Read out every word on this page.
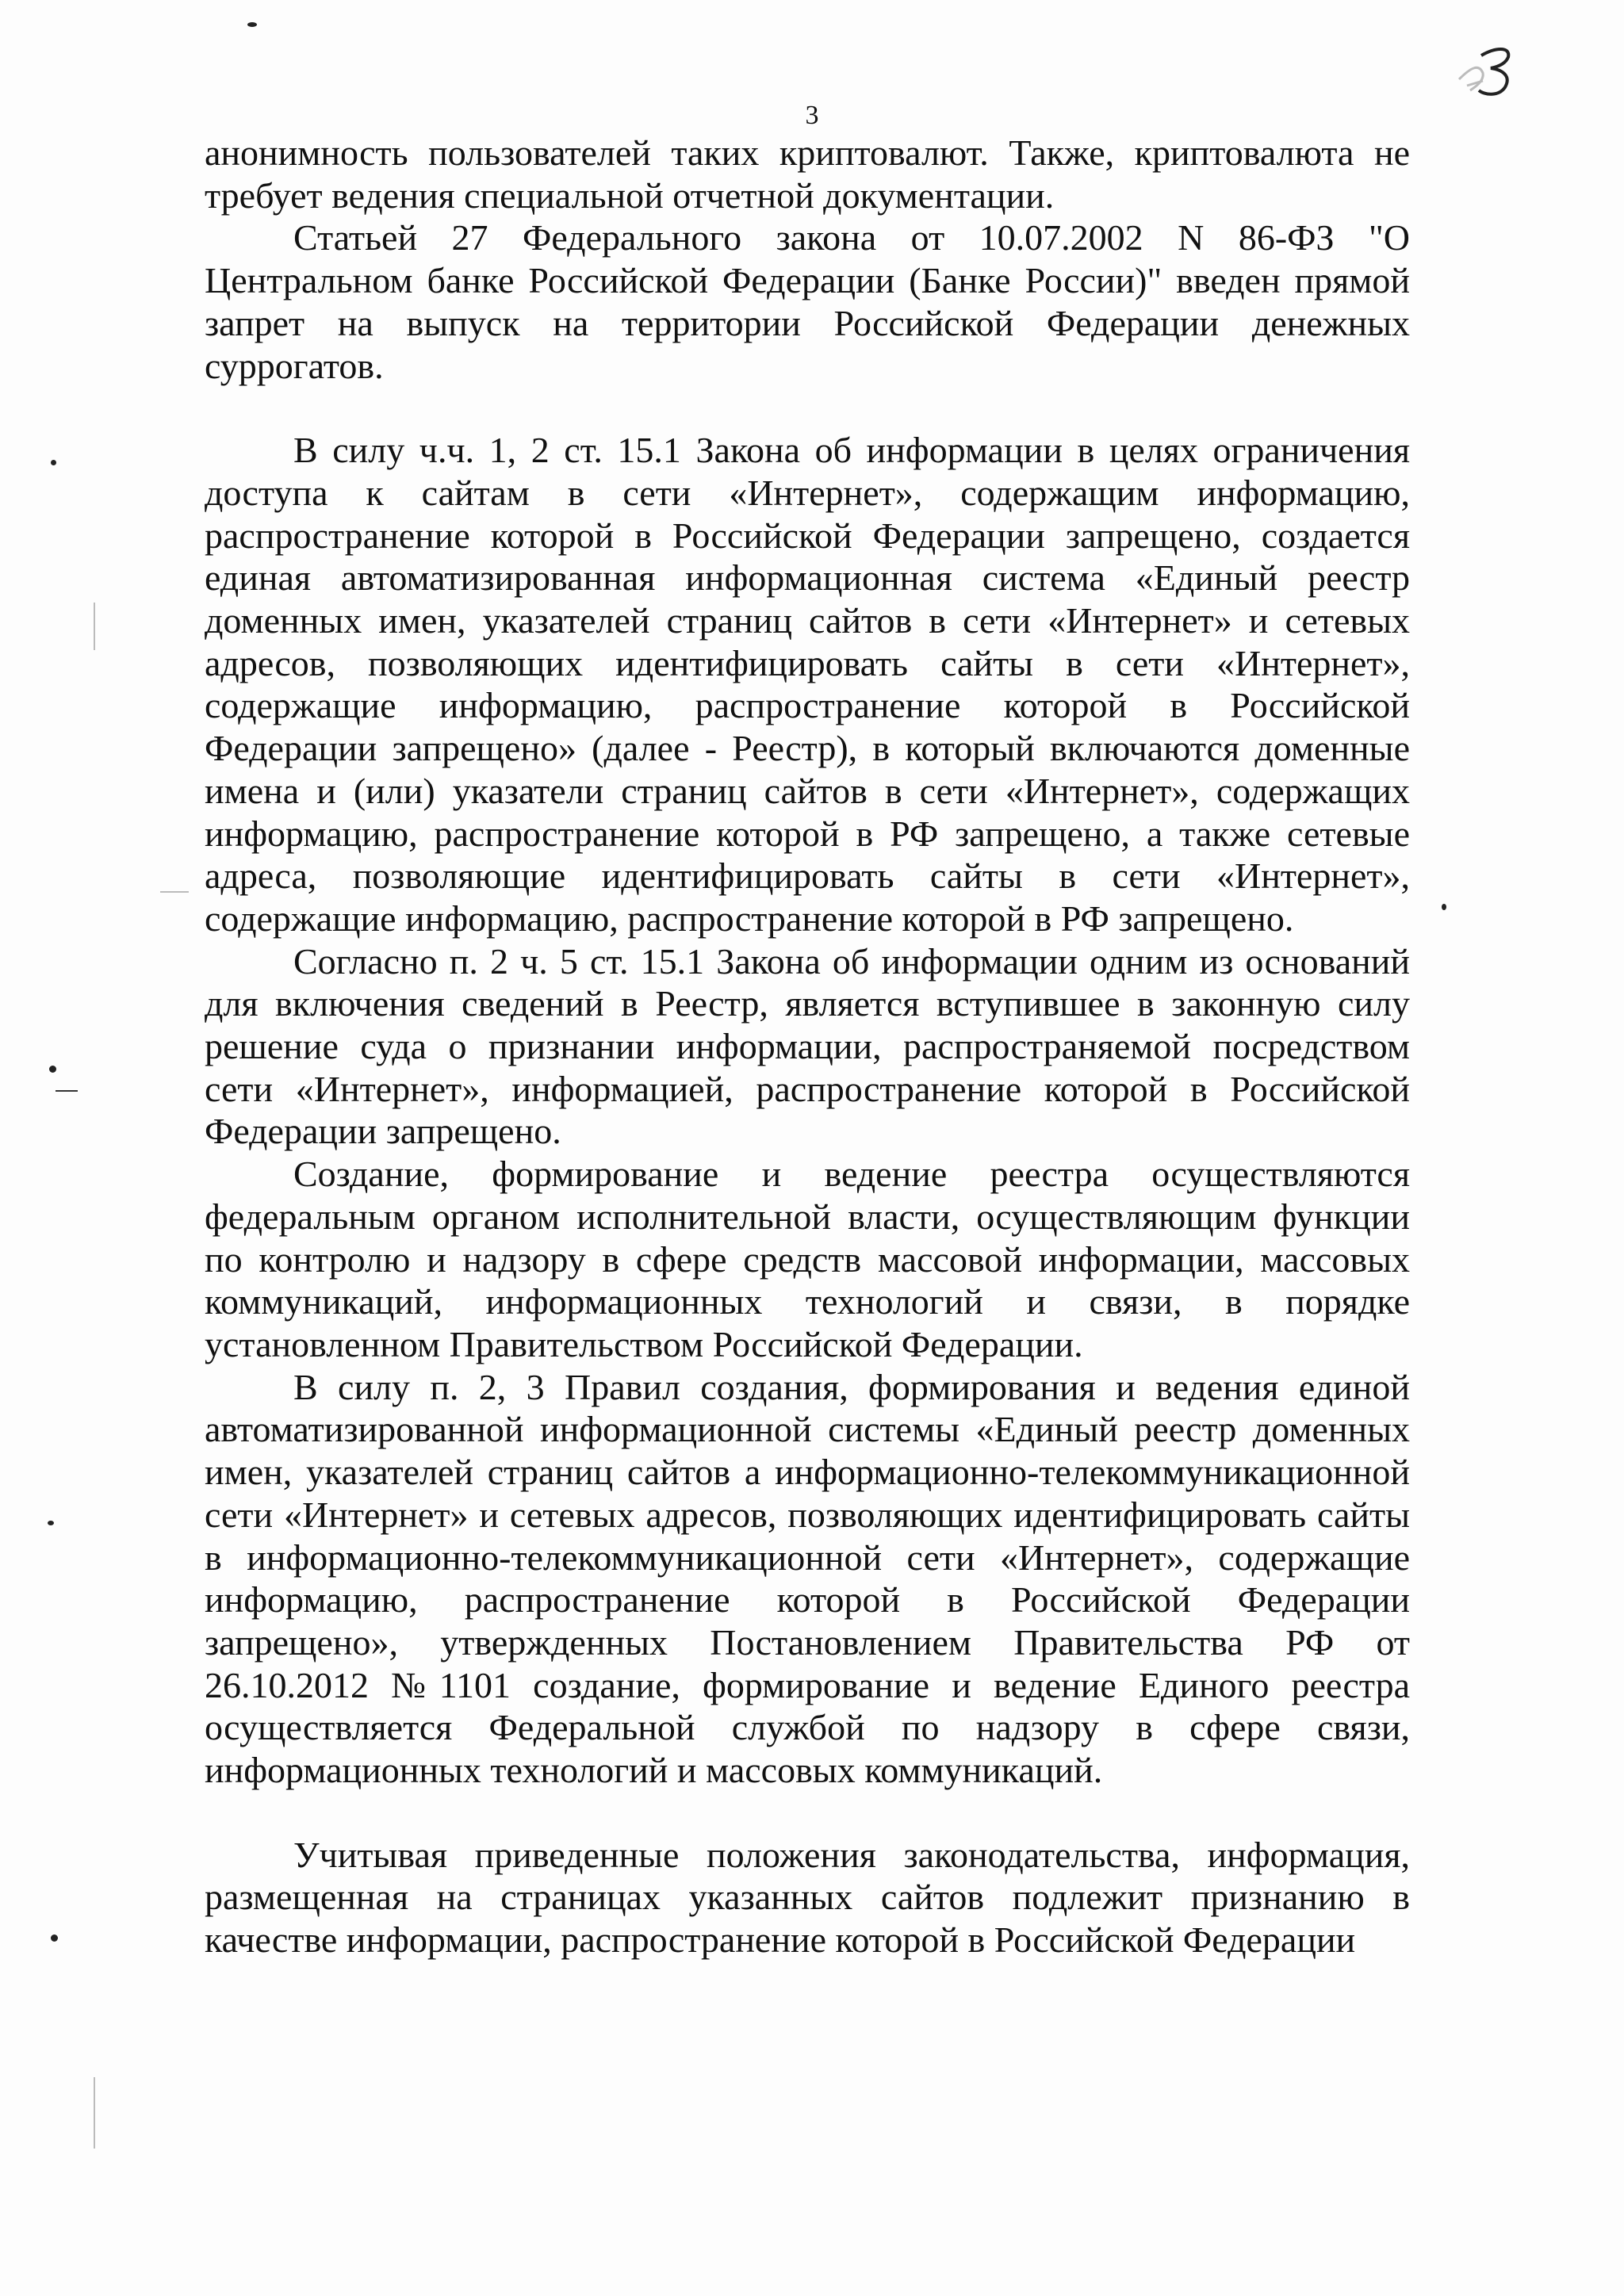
3

анонимность пользователей таких криптовалют. Также, криптовалюта не требует ведения специальной отчетной документации.

Статьей 27 Федерального закона от 10.07.2002 N 86-ФЗ "О Центральном банке Российской Федерации (Банке России)" введен прямой запрет на выпуск на территории Российской Федерации денежных суррогатов.

В силу ч.ч. 1, 2 ст. 15.1 Закона об информации в целях ограничения доступа к сайтам в сети «Интернет», содержащим информацию, распространение которой в Российской Федерации запрещено, создается единая автоматизированная информационная система «Единый реестр доменных имен, указателей страниц сайтов в сети «Интернет» и сетевых адресов, позволяющих идентифицировать сайты в сети «Интернет», содержащие информацию, распространение которой в Российской Федерации запрещено» (далее - Реестр), в который включаются доменные имена и (или) указатели страниц сайтов в сети «Интернет», содержащих информацию, распространение которой в РФ запрещено, а также сетевые адреса, позволяющие идентифицировать сайты в сети «Интернет», содержащие информацию, распространение которой в РФ запрещено.

Согласно п. 2 ч. 5 ст. 15.1 Закона об информации одним из оснований для включения сведений в Реестр, является вступившее в законную силу решение суда о признании информации, распространяемой посредством сети «Интернет», информацией, распространение которой в Российской Федерации запрещено.

Создание, формирование и ведение реестра осуществляются федеральным органом исполнительной власти, осуществляющим функции по контролю и надзору в сфере средств массовой информации, массовых коммуникаций, информационных технологий и связи, в порядке установленном Правительством Российской Федерации.

В силу п. 2, 3 Правил создания, формирования и ведения единой автоматизированной информационной системы «Единый реестр доменных имен, указателей страниц сайтов а информационно-телекоммуникационной сети «Интернет» и сетевых адресов, позволяющих идентифицировать сайты в информационно-телекоммуникационной сети «Интернет», содержащие информацию, распространение которой в Российской Федерации запрещено», утвержденных Постановлением Правительства РФ от 26.10.2012 №1101 создание, формирование и ведение Единого реестра осуществляется Федеральной службой по надзору в сфере связи, информационных технологий и массовых коммуникаций.

Учитывая приведенные положения законодательства, информация, размещенная на страницах указанных сайтов подлежит признанию в качестве информации, распространение которой в Российской Федерации
